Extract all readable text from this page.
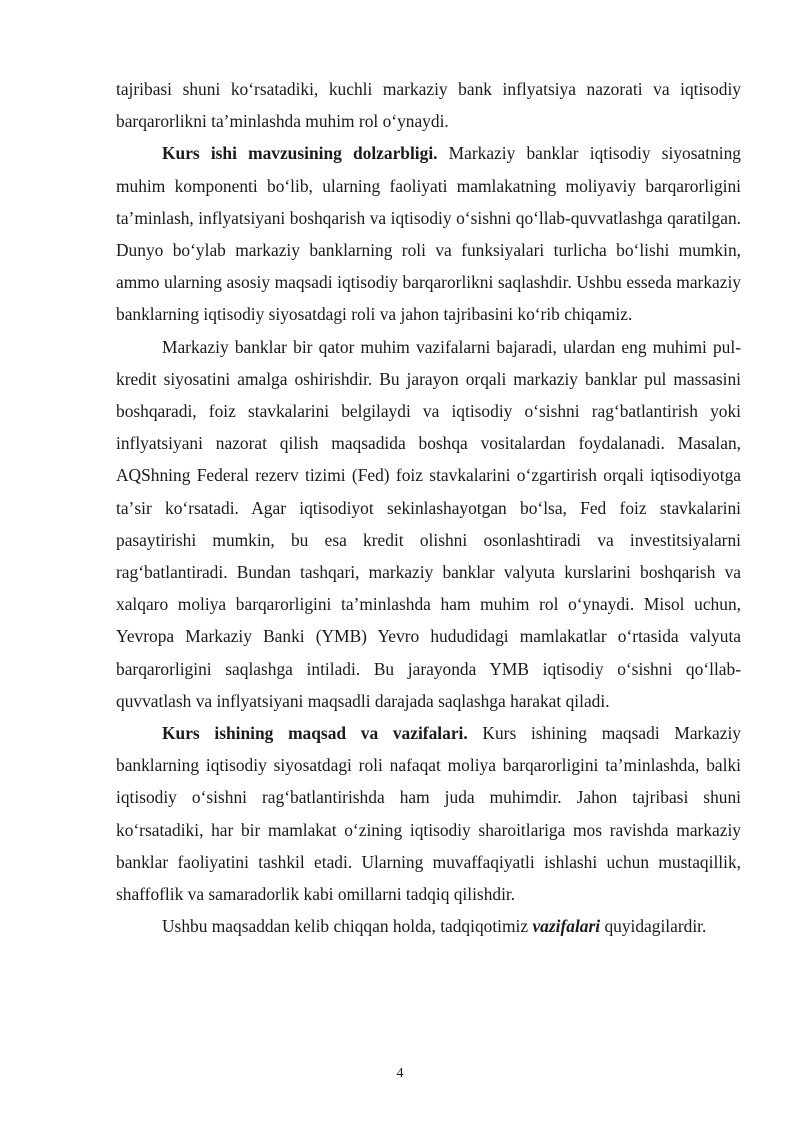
tajribasi shuni koʻrsatadiki, kuchli markaziy bank inflyatsiya nazorati va iqtisodiy barqarorlikni taʼminlashda muhim rol oʻynaydi.

Kurs ishi mavzusining dolzarbligi. Markaziy banklar iqtisodiy siyosatning muhim komponenti boʻlib, ularning faoliyati mamlakatning moliyaviy barqarorligini taʼminlash, inflyatsiyani boshqarish va iqtisodiy oʻsishni qoʻllab-quvvatlashga qaratilgan. Dunyo boʻylab markaziy banklarning roli va funksiyalari turlicha boʻlishi mumkin, ammo ularning asosiy maqsadi iqtisodiy barqarorlikni saqlashdir. Ushbu esseda markaziy banklarning iqtisodiy siyosatdagi roli va jahon tajribasini koʻrib chiqamiz.

Markaziy banklar bir qator muhim vazifalarni bajaradi, ulardan eng muhimi pul-kredit siyosatini amalga oshirishdir. Bu jarayon orqali markaziy banklar pul massasini boshqaradi, foiz stavkalarini belgilaydi va iqtisodiy oʻsishni ragʻbatlantirish yoki inflyatsiyani nazorat qilish maqsadida boshqa vositalardan foydalanadi. Masalan, AQShning Federal rezerv tizimi (Fed) foiz stavkalarini oʻzgartirish orqali iqtisodiyotga taʼsir koʻrsatadi. Agar iqtisodiyot sekinlashayotgan boʻlsa, Fed foiz stavkalarini pasaytirishi mumkin, bu esa kredit olishni osonlashtiradi va investitsiyalarni ragʻbatlantiradi. Bundan tashqari, markaziy banklar valyuta kurslarini boshqarish va xalqaro moliya barqarorligini taʼminlashda ham muhim rol oʻynaydi. Misol uchun, Yevropa Markaziy Banki (YMB) Yevro hududidagi mamlakatlar oʻrtasida valyuta barqarorligini saqlashga intiladi. Bu jarayonda YMB iqtisodiy oʻsishni qoʻllab-quvvatlash va inflyatsiyani maqsadli darajada saqlashga harakat qiladi.

Kurs ishining maqsad va vazifalari. Kurs ishining maqsadi Markaziy banklarning iqtisodiy siyosatdagi roli nafaqat moliya barqarorligini taʼminlashda, balki iqtisodiy oʻsishni ragʻbatlantirishda ham juda muhimdir. Jahon tajribasi shuni koʻrsatadiki, har bir mamlakat oʻzining iqtisodiy sharoitlariga mos ravishda markaziy banklar faoliyatini tashkil etadi. Ularning muvaffaqiyatli ishlashi uchun mustaqillik, shaffoflik va samaradorlik kabi omillarni tadqiq qilishdir.

Ushbu maqsaddan kelib chiqqan holda, tadqiqotimiz vazifalari quyidagilardir.

4
